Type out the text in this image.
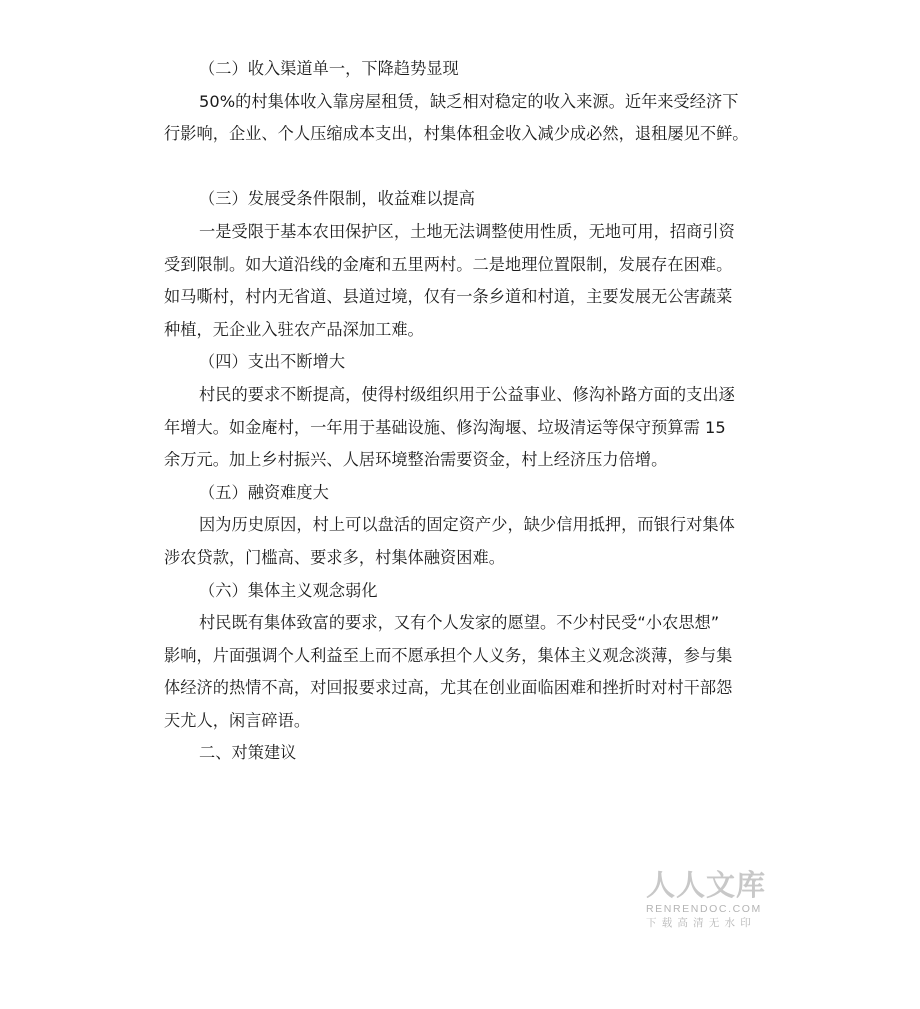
（二）收入渠道单一，下降趋势显现
50%的村集体收入靠房屋租赁，缺乏相对稳定的收入来源。近年来受经济下
行影响，企业、个人压缩成本支出，村集体租金收入减少成必然，退租屡见不鲜。
（三）发展受条件限制，收益难以提高
一是受限于基本农田保护区，土地无法调整使用性质，无地可用，招商引资
受到限制。如大道沿线的金庵和五里两村。二是地理位置限制，发展存在困难。
如马嘶村，村内无省道、县道过境，仅有一条乡道和村道，主要发展无公害蔬菜
种植，无企业入驻农产品深加工难。
（四）支出不断增大
村民的要求不断提高，使得村级组织用于公益事业、修沟补路方面的支出逐
年增大。如金庵村，一年用于基础设施、修沟淘堰、垃圾清运等保守预算需 15
余万元。加上乡村振兴、人居环境整治需要资金，村上经济压力倍增。
（五）融资难度大
因为历史原因，村上可以盘活的固定资产少，缺少信用抵押，而银行对集体
涉农贷款，门槛高、要求多，村集体融资困难。
（六）集体主义观念弱化
村民既有集体致富的要求，又有个人发家的愿望。不少村民受“小农思想”
影响，片面强调个人利益至上而不愿承担个人义务，集体主义观念淡薄，参与集
体经济的热情不高，对回报要求过高，尤其在创业面临困难和挫折时对村干部怨
天尤人，闲言碎语。
二、对策建议
人人文库
RENRENDOC.COM
下载高清无水印
